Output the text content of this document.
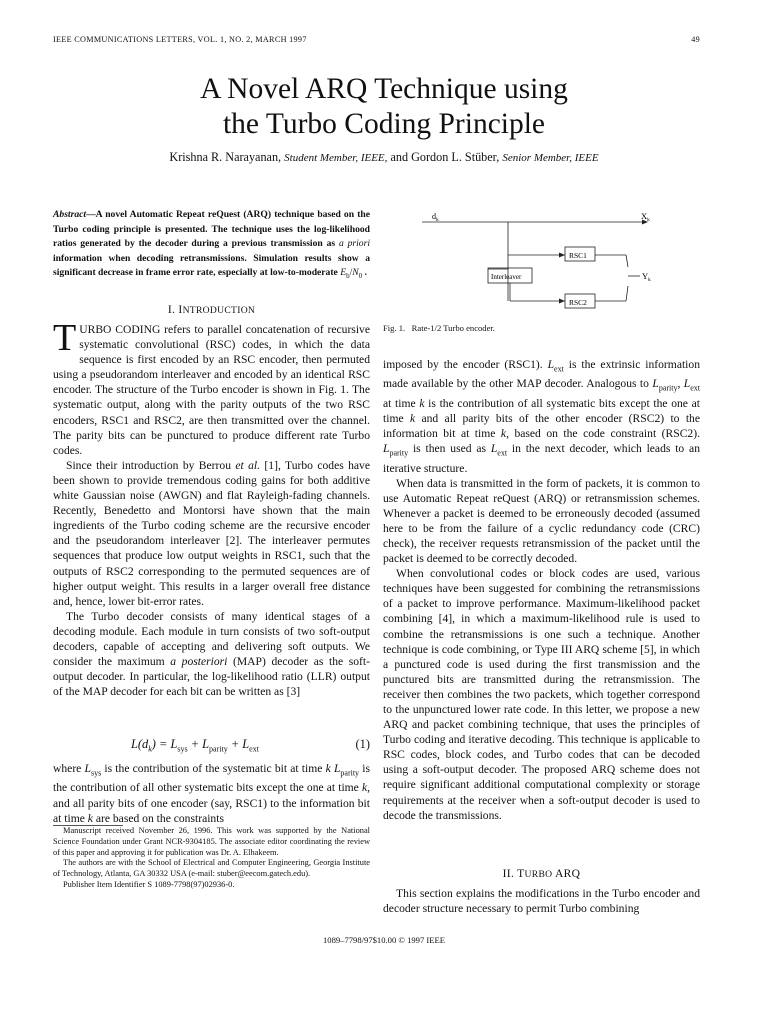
IEEE COMMUNICATIONS LETTERS, VOL. 1, NO. 2, MARCH 1997	49
A Novel ARQ Technique using
the Turbo Coding Principle
Krishna R. Narayanan, Student Member, IEEE, and Gordon L. Stüber, Senior Member, IEEE
Abstract—A novel Automatic Repeat reQuest (ARQ) technique based on the Turbo coding principle is presented. The technique uses the log-likelihood ratios generated by the decoder during a previous transmission as a priori information when decoding retransmissions. Simulation results show a significant decrease in frame error rate, especially at low-to-moderate $E_b/N_0$ .
I. INTRODUCTION

TURBO CODING refers to parallel concatenation of recursive systematic convolutional (RSC) codes, in which the data sequence is first encoded by an RSC encoder, then permuted using a pseudorandom interleaver and encoded by an identical RSC encoder. The structure of the Turbo encoder is shown in Fig. 1. The systematic output, along with the parity outputs of the two RSC encoders, RSC1 and RSC2, are then transmitted over the channel. The parity bits can be punctured to produce different rate Turbo codes.

Since their introduction by Berrou et al. [1], Turbo codes have been shown to provide tremendous coding gains for both additive white Gaussian noise (AWGN) and flat Rayleigh-fading channels. Recently, Benedetto and Montorsi have shown that the main ingredients of the Turbo coding scheme are the recursive encoder and the pseudorandom interleaver [2]. The interleaver permutes sequences that produce low output weights in RSC1, such that the outputs of RSC2 corresponding to the permuted sequences are of higher output weight. This results in a larger overall free distance and, hence, lower bit-error rates.

The Turbo decoder consists of many identical stages of a decoding module. Each module in turn consists of two soft-output decoders, capable of accepting and delivering soft outputs. We consider the maximum a posteriori (MAP) decoder as the soft-output decoder. In particular, the log-likelihood ratio (LLR) output of the MAP decoder for each bit can be written as [3]

$L(d_k) = L_{sys} + L_{parity} + L_{ext}$	(1)

where $L_{sys}$ is the contribution of the systematic bit at time k $L_{parity}$ is the contribution of all other systematic bits except the one at time k, and all parity bits of one encoder (say, RSC1) to the information bit at time k are based on the constraints

Manuscript received November 26, 1996. This work was supported by the National Science Foundation under Grant NCR-9304185. The associate editor coordinating the review of this paper and approving it for publication was Dr. A. Elhakeem.

The authors are with the School of Electrical and Computer Engineering, Georgia Institute of Technology, Atlanta, GA 30332 USA (e-mail: stuber@eecom.gatech.edu).

Publisher Item Identifier S 1089-7798(97)02936-0.

$d_k$	$X_k$
$Y_k$
RSC1
RSC2
Interleaver
Fig. 1.   Rate-1/2 Turbo encoder.

imposed by the encoder (RSC1). $L_{ext}$ is the extrinsic information made available by the other MAP decoder. Analogous to $L_{parity}$, $L_{ext}$ at time k is the contribution of all systematic bits except the one at time k and all parity bits of the other encoder (RSC2) to the information bit at time k, based on the code constraint (RSC2). $L_{parity}$ is then used as $L_{ext}$ in the next decoder, which leads to an iterative structure.

When data is transmitted in the form of packets, it is common to use Automatic Repeat reQuest (ARQ) or retransmission schemes. Whenever a packet is deemed to be erroneously decoded (assumed here to be from the failure of a cyclic redundancy code (CRC) check), the receiver requests retransmission of the packet until the packet is deemed to be correctly decoded.

When convolutional codes or block codes are used, various techniques have been suggested for combining the retransmissions of a packet to improve performance. Maximum-likelihood packet combining [4], in which a maximum-likelihood rule is used to combine the retransmissions is one such a technique. Another technique is code combining, or Type III ARQ scheme [5], in which a punctured code is used during the first transmission and the punctured bits are transmitted during the retransmission. The receiver then combines the two packets, which together correspond to the unpunctured lower rate code. In this letter, we propose a new ARQ and packet combining technique, that uses the principles of Turbo coding and iterative decoding. This technique is applicable to RSC codes, block codes, and Turbo codes that can be decoded using a soft-output decoder. The proposed ARQ scheme does not require significant additional computational complexity or storage requirements at the receiver when a soft-output decoder is used to decode the transmissions.

II. TURBO ARQ

This section explains the modifications in the Turbo encoder and decoder structure necessary to permit Turbo combining

1089–7798/97$10.00 © 1997 IEEE
